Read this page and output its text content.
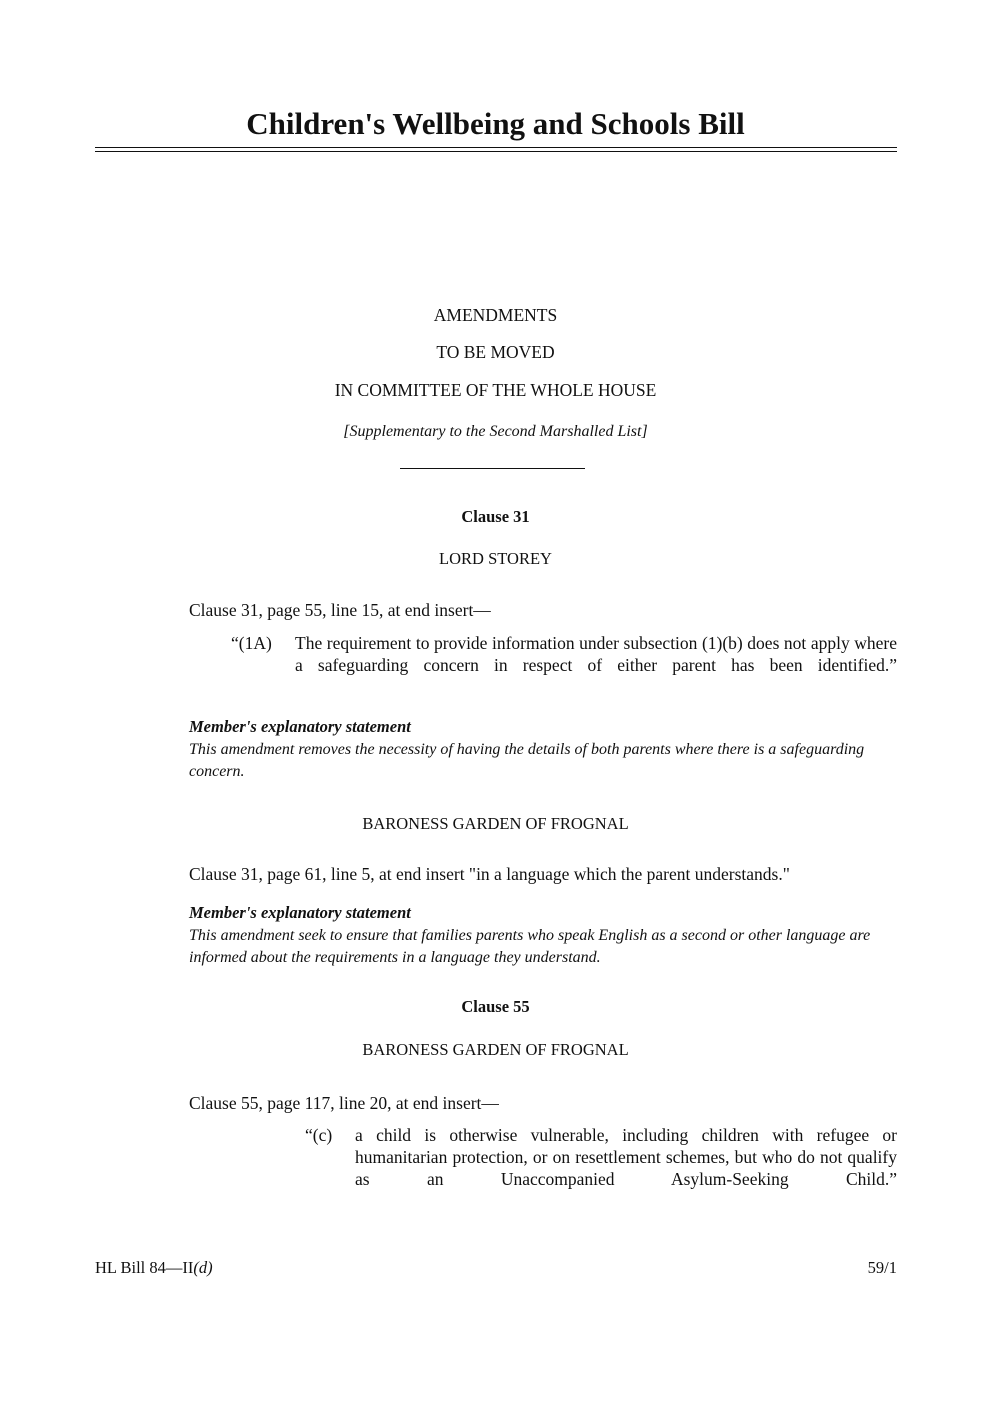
Children's Wellbeing and Schools Bill
AMENDMENTS
TO BE MOVED
IN COMMITTEE OF THE WHOLE HOUSE
[Supplementary to the Second Marshalled List]
Clause 31
LORD STOREY
Clause 31, page 55, line 15, at end insert—
“(1A) The requirement to provide information under subsection (1)(b) does not apply where a safeguarding concern in respect of either parent has been identified.”
Member's explanatory statement
This amendment removes the necessity of having the details of both parents where there is a safeguarding concern.
BARONESS GARDEN OF FROGNAL
Clause 31, page 61, line 5, at end insert "in a language which the parent understands."
Member's explanatory statement
This amendment seek to ensure that families parents who speak English as a second or other language are informed about the requirements in a language they understand.
Clause 55
BARONESS GARDEN OF FROGNAL
Clause 55, page 117, line 20, at end insert—
“(c) a child is otherwise vulnerable, including children with refugee or humanitarian protection, or on resettlement schemes, but who do not qualify as an Unaccompanied Asylum-Seeking Child.”
HL Bill 84—II(d)	59/1
